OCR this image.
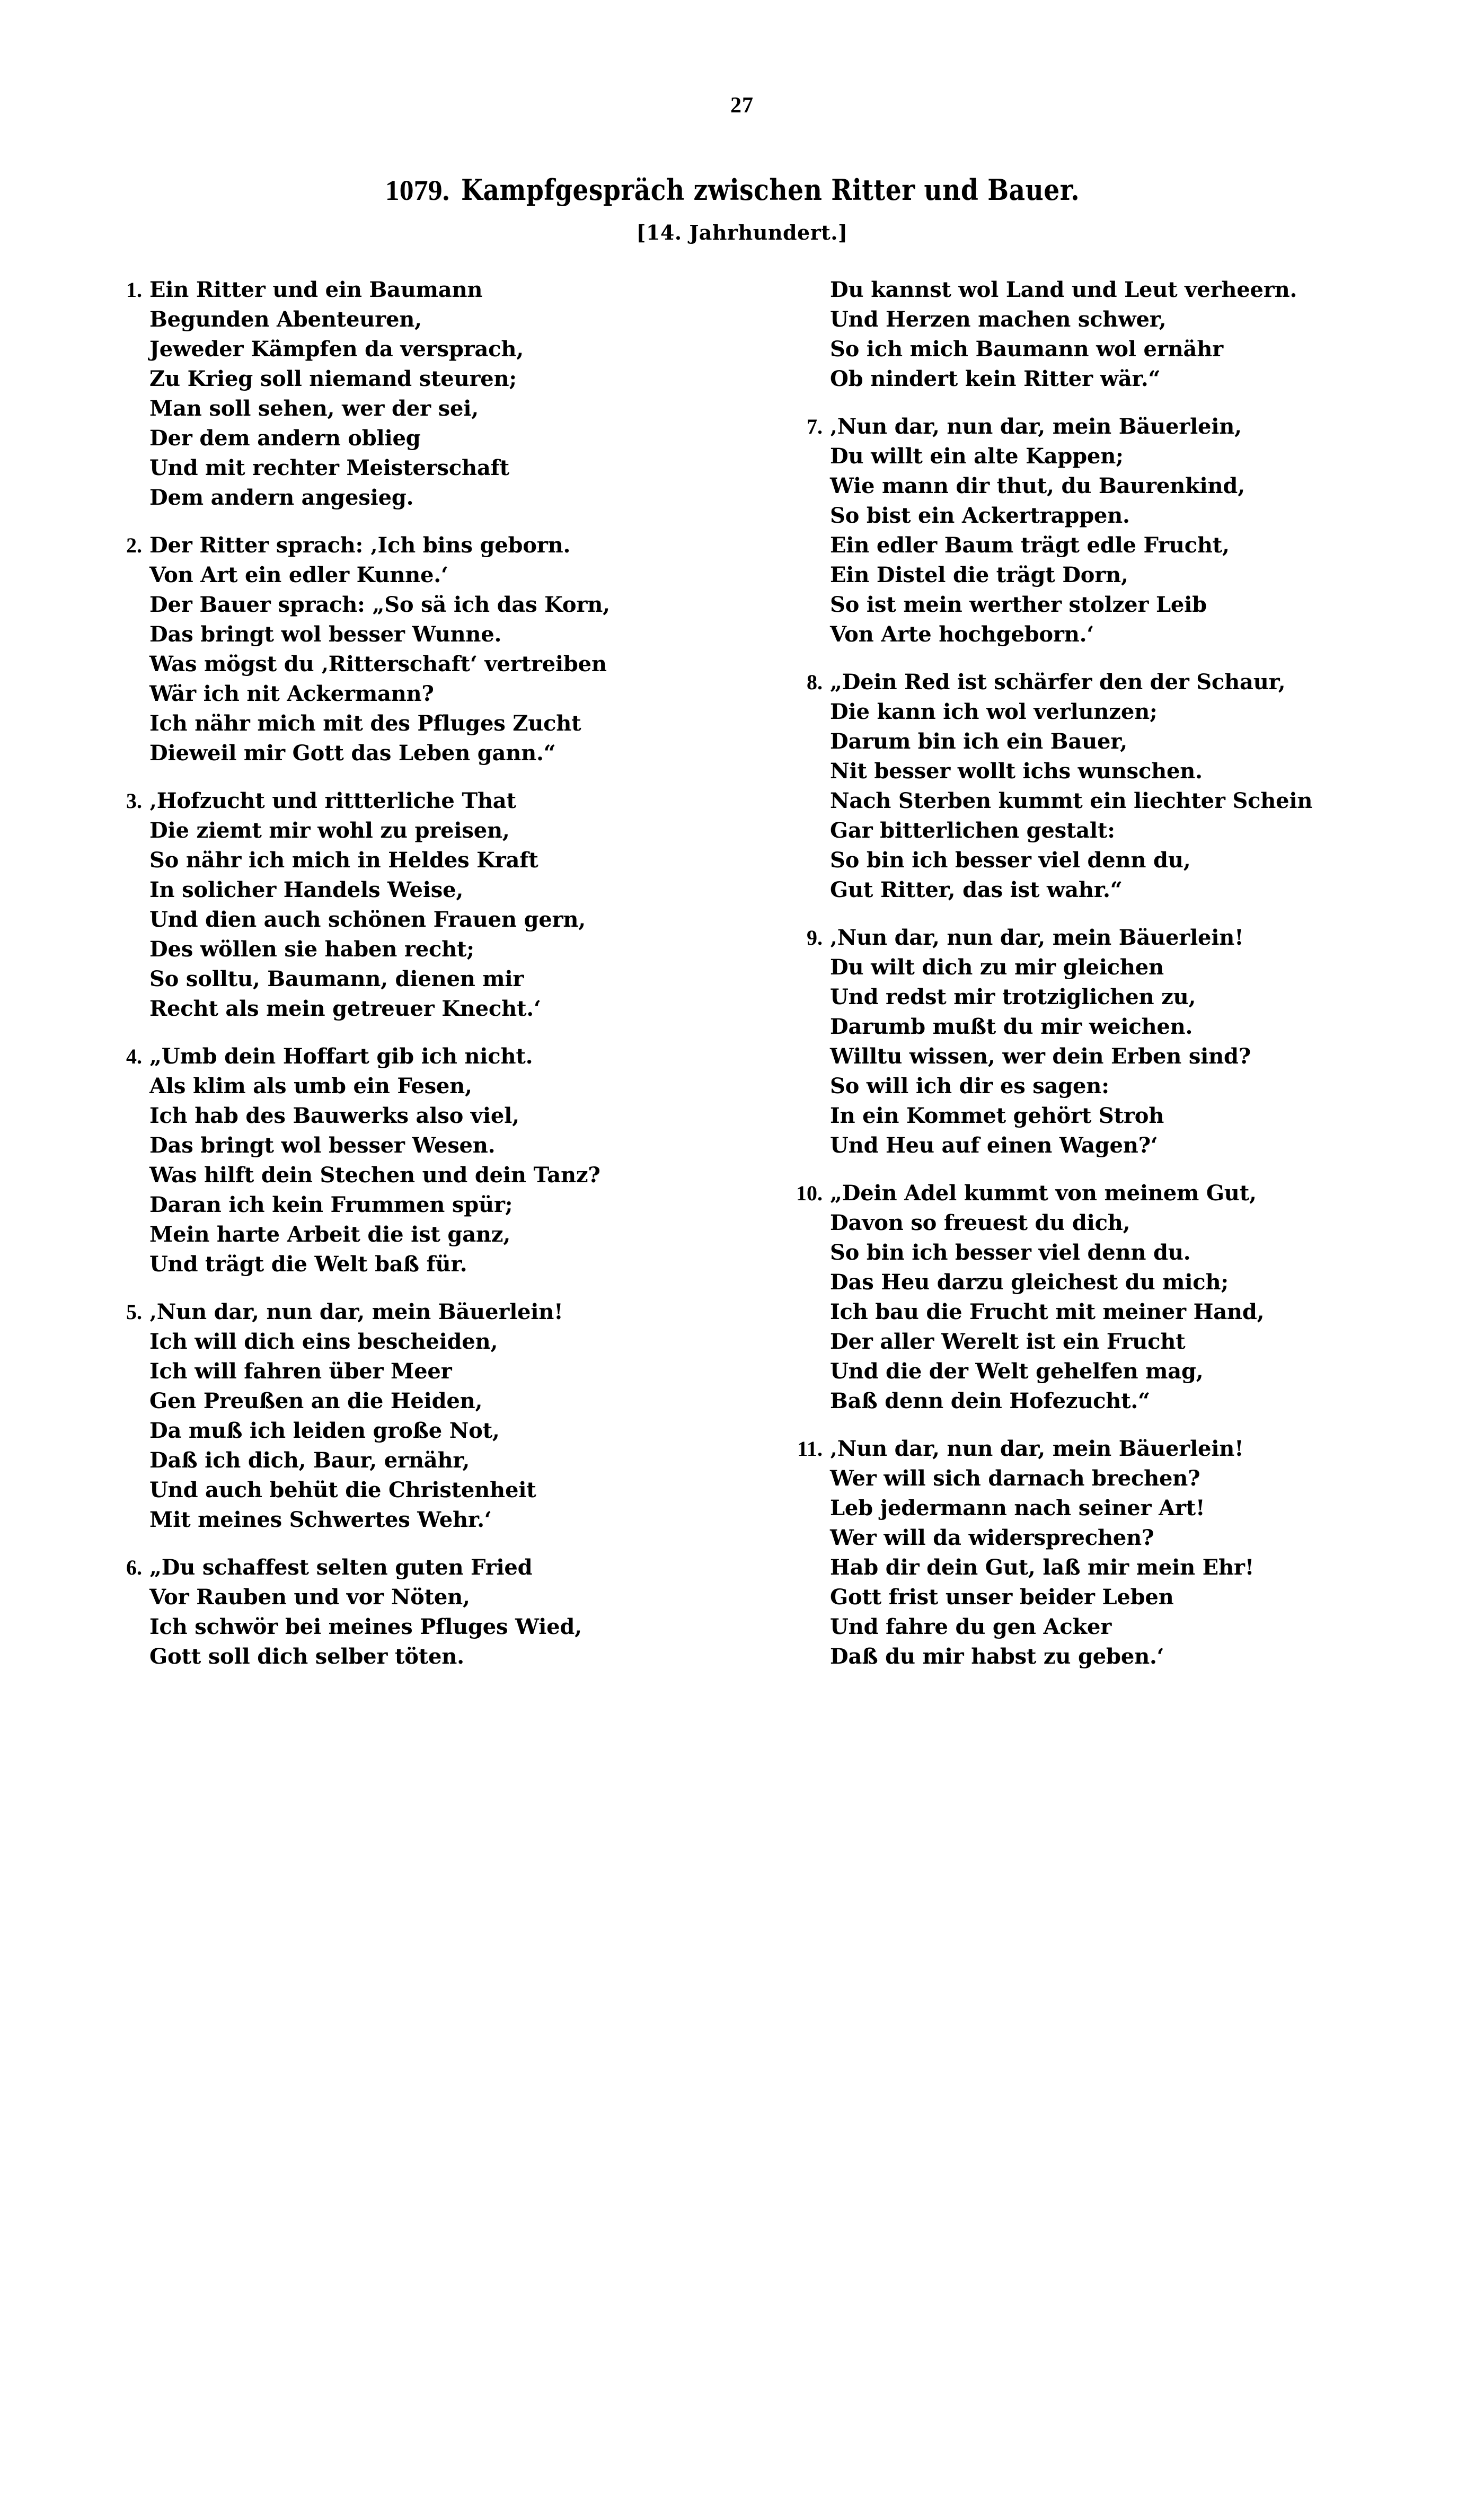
27
1079. Kampfgespräch zwischen Ritter und Bauer.
[14. Jahrhundert.]
1. Ein Ritter und ein Baumann
Begunden Abenteuren,
Jeweder Kämpfen da versprach,
Zu Krieg soll niemand steuren;
Man soll sehen, wer der sei,
Der dem andern oblieg
Und mit rechter Meisterschaft
Dem andern angesieg.
2. Der Ritter sprach: ‚Ich bins geborn.
Von Art ein edler Kunne.‘
Der Bauer sprach: „So sä ich das Korn,
Das bringt wol besser Wunne.
Was mögst du ‚Ritterschaft‘ vertreiben
Wär ich nit Ackermann?
Ich nähr mich mit des Pfluges Zucht
Dieweil mir Gott das Leben gann.“
3. ‚Hofzucht und rittterliche That
Die ziemt mir wohl zu preisen,
So nähr ich mich in Heldes Kraft
In solicher Handels Weise,
Und dien auch schönen Frauen gern,
Des wöllen sie haben recht;
So solltu, Baumann, dienen mir
Recht als mein getreuer Knecht.‘
4. „Umb dein Hoffart gib ich nicht.
Als klim als umb ein Fesen,
Ich hab des Bauwerks also viel,
Das bringt wol besser Wesen.
Was hilft dein Stechen und dein Tanz?
Daran ich kein Frummen spür;
Mein harte Arbeit die ist ganz,
Und trägt die Welt baß für.
5. ‚Nun dar, nun dar, mein Bäuerlein!
Ich will dich eins bescheiden,
Ich will fahren über Meer
Gen Preußen an die Heiden,
Da muß ich leiden große Not,
Daß ich dich, Baur, ernähr,
Und auch behüt die Christenheit
Mit meines Schwertes Wehr.‘
6. „Du schaffest selten guten Fried
Vor Rauben und vor Nöten,
Ich schwör bei meines Pfluges Wied,
Gott soll dich selber töten.
Du kannst wol Land und Leut verheern.
Und Herzen machen schwer,
So ich mich Baumann wol ernähr
Ob nindert kein Ritter wär.“
7. ‚Nun dar, nun dar, mein Bäuerlein,
Du willt ein alte Kappen;
Wie mann dir thut, du Baurenkind,
So bist ein Ackertrappen.
Ein edler Baum trägt edle Frucht,
Ein Distel die trägt Dorn,
So ist mein werther stolzer Leib
Von Arte hochgeborn.‘
8. „Dein Red ist schärfer den der Schaur,
Die kann ich wol verlunzen;
Darum bin ich ein Bauer,
Nit besser wollt ichs wunschen.
Nach Sterben kummt ein liechter Schein
Gar bitterlichen gestalt:
So bin ich besser viel denn du,
Gut Ritter, das ist wahr.“
9. ‚Nun dar, nun dar, mein Bäuerlein!
Du wilt dich zu mir gleichen
Und redst mir trotziglichen zu,
Darumb mußt du mir weichen.
Willtu wissen, wer dein Erben sind?
So will ich dir es sagen:
In ein Kommet gehört Stroh
Und Heu auf einen Wagen?‘
10. „Dein Adel kummt von meinem Gut,
Davon so freuest du dich,
So bin ich besser viel denn du.
Das Heu darzu gleichest du mich;
Ich bau die Frucht mit meiner Hand,
Der aller Werelt ist ein Frucht
Und die der Welt gehelfen mag,
Baß denn dein Hofezucht.“
11. ‚Nun dar, nun dar, mein Bäuerlein!
Wer will sich darnach brechen?
Leb jedermann nach seiner Art!
Wer will da widersprechen?
Hab dir dein Gut, laß mir mein Ehr!
Gott frist unser beider Leben
Und fahre du gen Acker
Daß du mir habst zu geben.‘
